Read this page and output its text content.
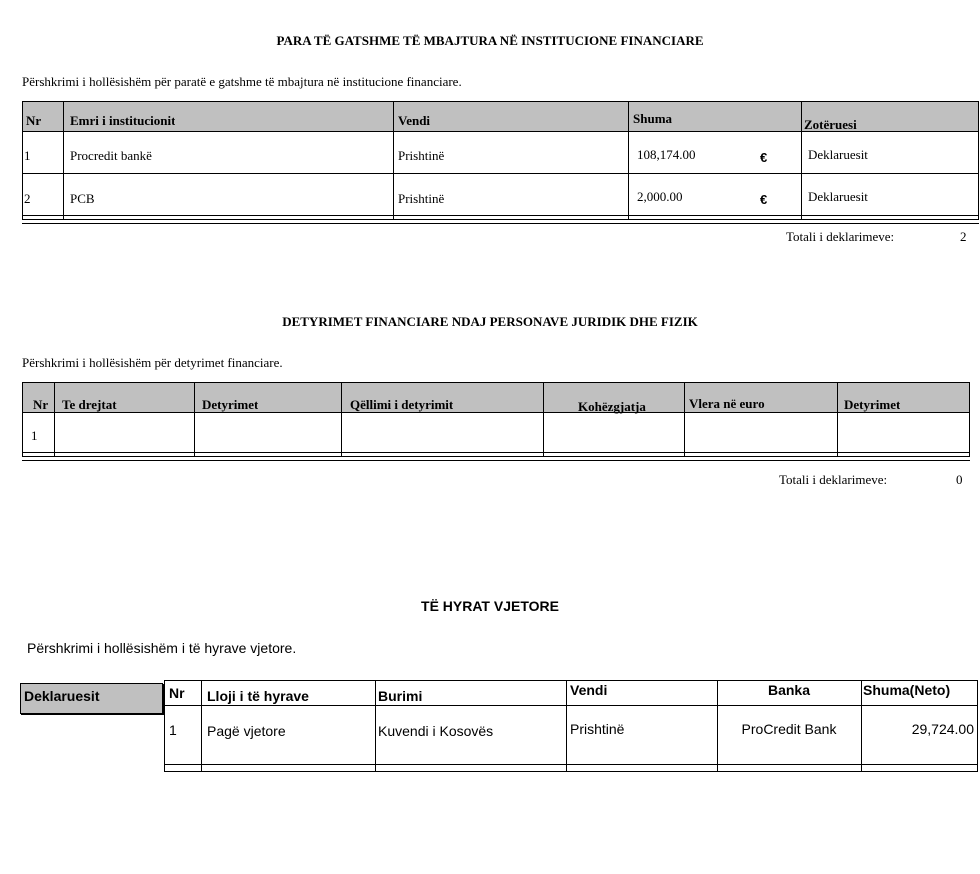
PARA TË GATSHME TË MBAJTURA NË INSTITUCIONE FINANCIARE
Përshkrimi i hollësishëm për paratë e gatshme të mbajtura në institucione financiare.
Nr Emri i institucionit	Vendi	Shuma	Zotëruesi
1	Procredit bankë	Prishtinë	108,174.00	€	Deklaruesit
2	PCB	Prishtinë	2,000.00	€	Deklaruesit
Totali i deklarimeve:	2
DETYRIMET FINANCIARE NDAJ PERSONAVE JURIDIK DHE FIZIK
Përshkrimi i hollësishëm për detyrimet financiare.
Nr Te drejtat	Detyrimet	Qëllimi i detyrimit	Kohëzgjatja	Vlera në euro	Detyrimet
1
Totali i deklarimeve:	0
TË HYRAT VJETORE
Përshkrimi i hollësishëm i të hyrave vjetore.
Deklaruesit	Nr Lloji i të hyrave	Burimi	Vendi	Banka	Shuma(Neto)
1 Pagë vjetore	Kuvendi i Kosovës	Prishtinë	ProCredit Bank	29,724.00
